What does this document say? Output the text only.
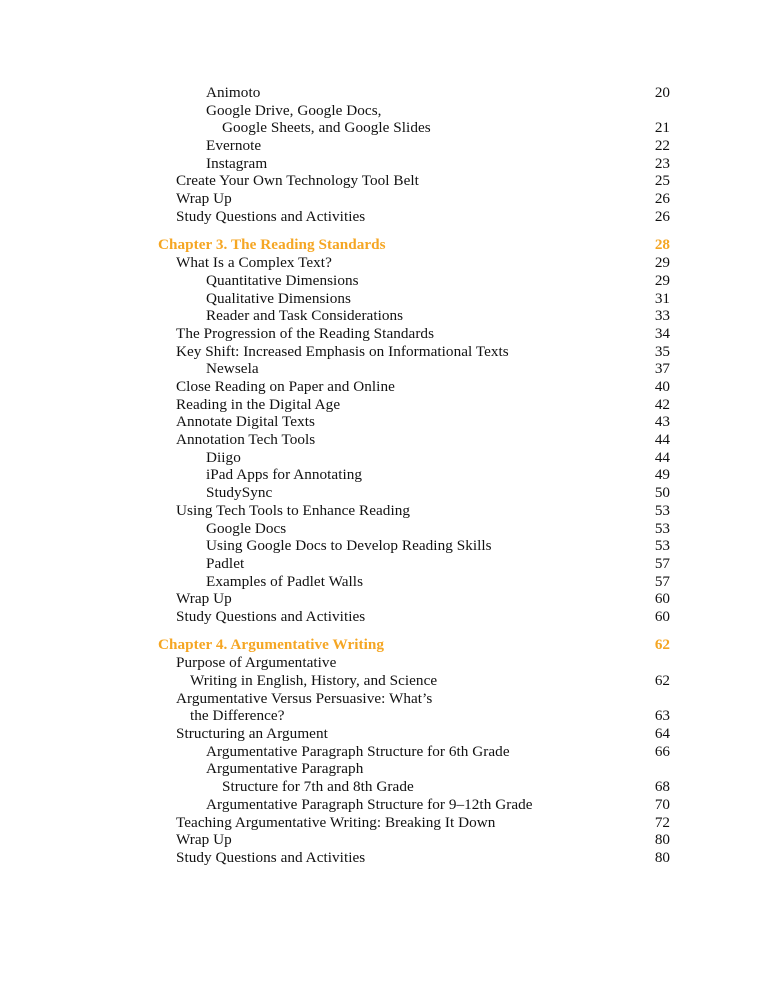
Animoto	20
Google Drive, Google Docs,
Google Sheets, and Google Slides	21
Evernote	22
Instagram	23
Create Your Own Technology Tool Belt	25
Wrap Up	26
Study Questions and Activities	26
Chapter 3. The Reading Standards	28
What Is a Complex Text?	29
Quantitative Dimensions	29
Qualitative Dimensions	31
Reader and Task Considerations	33
The Progression of the Reading Standards	34
Key Shift: Increased Emphasis on Informational Texts	35
Newsela	37
Close Reading on Paper and Online	40
Reading in the Digital Age	42
Annotate Digital Texts	43
Annotation Tech Tools	44
Diigo	44
iPad Apps for Annotating	49
StudySync	50
Using Tech Tools to Enhance Reading	53
Google Docs	53
Using Google Docs to Develop Reading Skills	53
Padlet	57
Examples of Padlet Walls	57
Wrap Up	60
Study Questions and Activities	60
Chapter 4. Argumentative Writing	62
Purpose of Argumentative
Writing in English, History, and Science	62
Argumentative Versus Persuasive: What’s
the Difference?	63
Structuring an Argument	64
Argumentative Paragraph Structure for 6th Grade	66
Argumentative Paragraph
Structure for 7th and 8th Grade	68
Argumentative Paragraph Structure for 9–12th Grade	70
Teaching Argumentative Writing: Breaking It Down	72
Wrap Up	80
Study Questions and Activities	80
